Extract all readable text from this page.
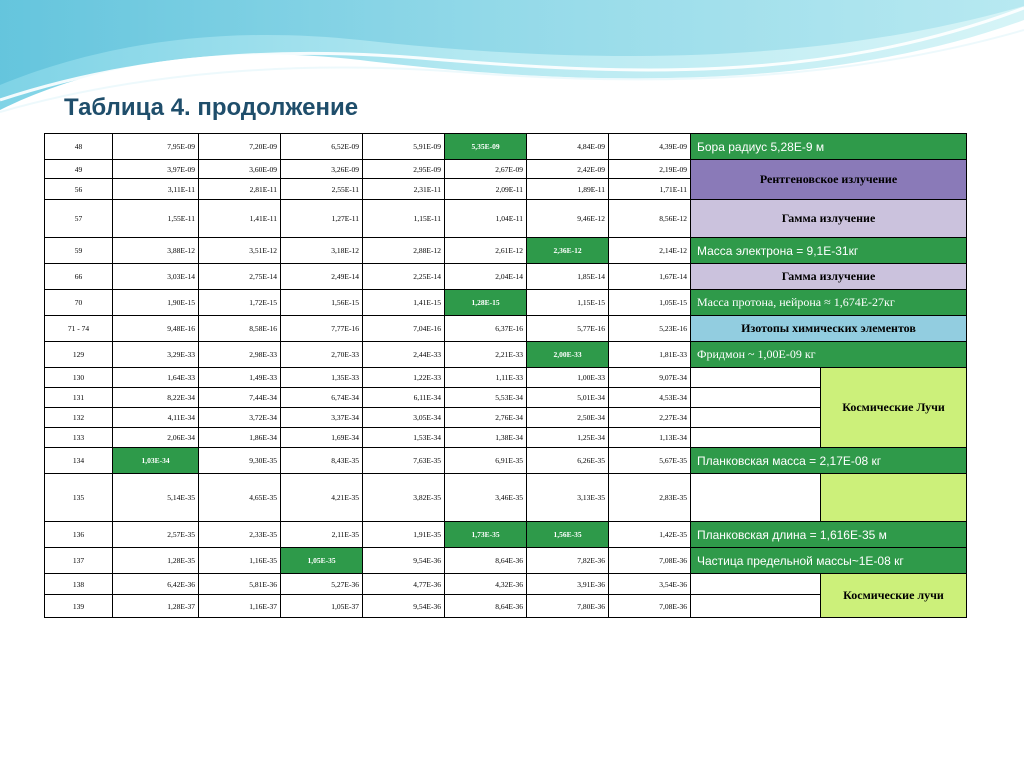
Таблица 4. продолжение
48	7,95E-09	7,20E-09	6,52E-09	5,91E-09	5,35E-09	4,84E-09	4,39E-09	Бора радиус 5,28E-9 м	
49	3,97E-09	3,60E-09	3,26E-09	2,95E-09	2,67E-09	2,42E-09	2,19E-09	Рентгеновское излучение	
56	3,11E-11	2,81E-11	2,55E-11	2,31E-11	2,09E-11	1,89E-11	1,71E-11		
57	1,55E-11	1,41E-11	1,27E-11	1,15E-11	1,04E-11	9,46E-12	8,56E-12	Гамма излучение	
59	3,88E-12	3,51E-12	3,18E-12	2,88E-12	2,61E-12	2,36E-12	2,14E-12	Масса электрона = 9,1E-31кг	
66	3,03E-14	2,75E-14	2,49E-14	2,25E-14	2,04E-14	1,85E-14	1,67E-14	Гамма излучение	
70	1,90E-15	1,72E-15	1,56E-15	1,41E-15	1,28E-15	1,15E-15	1,05E-15	Масса протона, нейрона ≈ 1,674E-27кг	
71 - 74	9,48E-16	8,58E-16	7,77E-16	7,04E-16	6,37E-16	5,77E-16	5,23E-16	Изотопы химических элементов	
129	3,29E-33	2,98E-33	2,70E-33	2,44E-33	2,21E-33	2,00E-33	1,81E-33	Фридмон ~ 1,00E-09 кг	
130	1,64E-33	1,49E-33	1,35E-33	1,22E-33	1,11E-33	1,00E-33	9,07E-34		Космические Лучи
131	8,22E-34	7,44E-34	6,74E-34	6,11E-34	5,53E-34	5,01E-34	4,53E-34		
132	4,11E-34	3,72E-34	3,37E-34	3,05E-34	2,76E-34	2,50E-34	2,27E-34		
133	2,06E-34	1,86E-34	1,69E-34	1,53E-34	1,38E-34	1,25E-34	1,13E-34		
134	1,03E-34	9,30E-35	8,43E-35	7,63E-35	6,91E-35	6,26E-35	5,67E-35	Планковская масса = 2,17E-08 кг	
135	5,14E-35	4,65E-35	4,21E-35	3,82E-35	3,46E-35	3,13E-35	2,83E-35		
136	2,57E-35	2,33E-35	2,11E-35	1,91E-35	1,73E-35	1,56E-35	1,42E-35	Планковская длина = 1,616E-35 м	
137	1,28E-35	1,16E-35	1,05E-35	9,54E-36	8,64E-36	7,82E-36	7,08E-36	Частица предельной массы~1E-08 кг	
138	6,42E-36	5,81E-36	5,27E-36	4,77E-36	4,32E-36	3,91E-36	3,54E-36		Космические лучи
139	1,28E-37	1,16E-37	1,05E-37	9,54E-36	8,64E-36	7,80E-36	7,08E-36		
